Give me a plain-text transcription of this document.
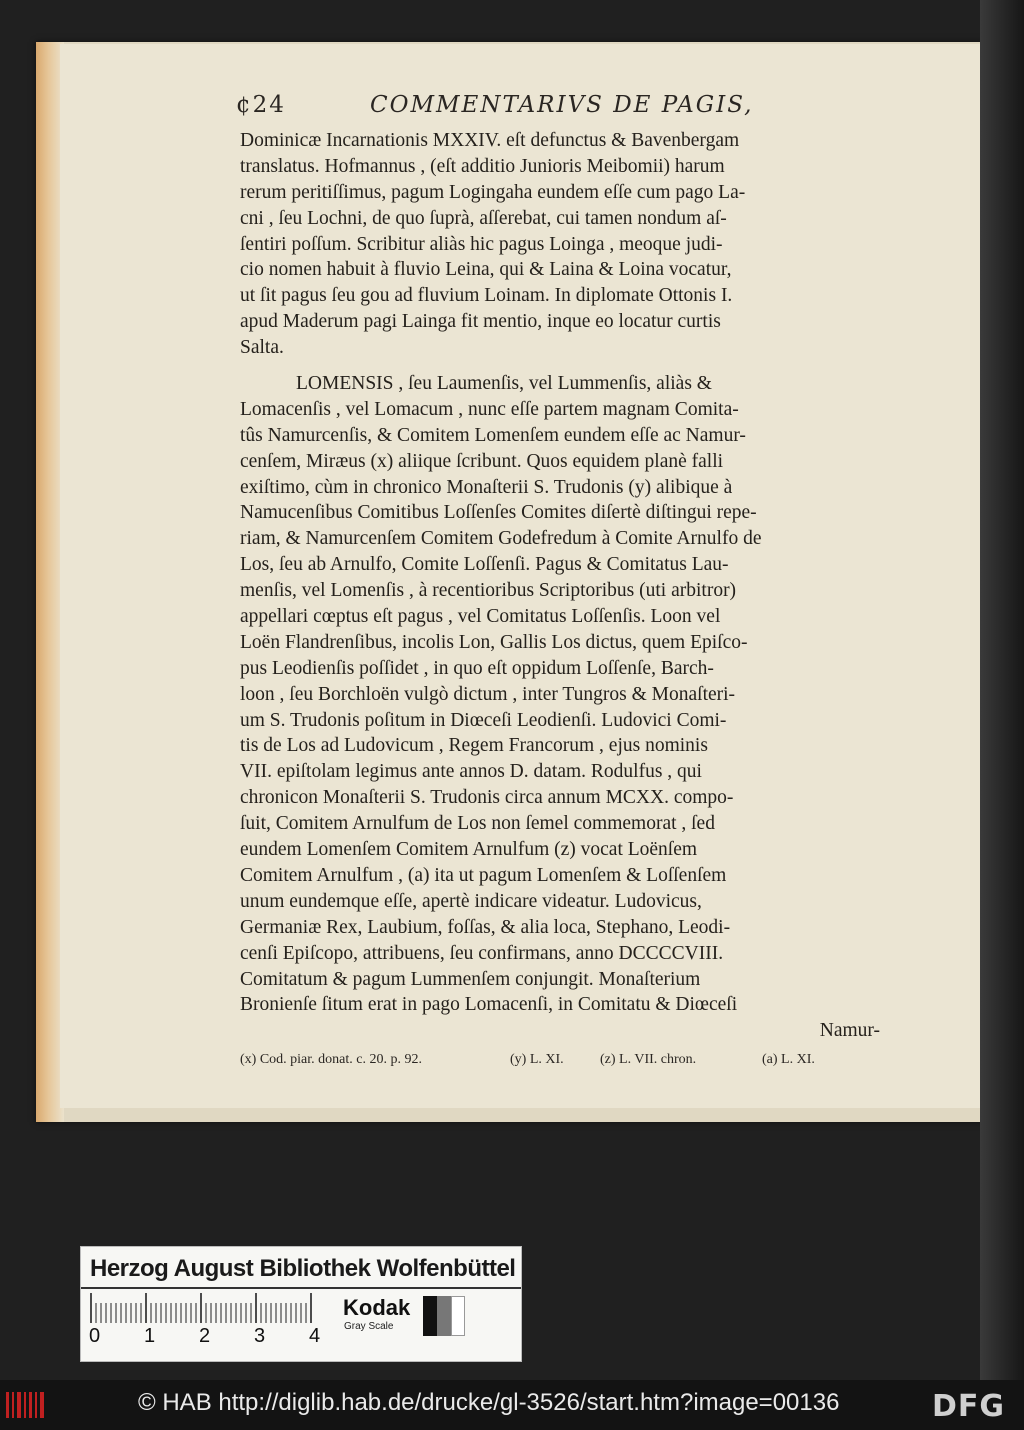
¢24	COMMENTARIVS DE PAGIS,
Dominicæ Incarnationis MXXIV. eſt defunctus & Bavenbergam
translatus. Hofmannus , (eſt additio Junioris Meibomii) harum
rerum peritiſſimus, pagum Logingaha eundem eſſe cum pago La-
cni , ſeu Lochni, de quo ſuprà, aſſerebat, cui tamen nondum aſ-
ſentiri poſſum. Scribitur aliàs hic pagus Loinga , meoque judi-
cio nomen habuit à fluvio Leina, qui & Laina & Loina vocatur,
ut ſit pagus ſeu gou ad fluvium Loinam. In diplomate Ottonis I.
apud Maderum pagi Lainga fit mentio, inque eo locatur curtis
Salta.
LOMENSIS , ſeu Laumenſis, vel Lummenſis, aliàs &
Lomacenſis , vel Lomacum , nunc eſſe partem magnam Comita-
tûs Namurcenſis, & Comitem Lomenſem eundem eſſe ac Namur-
cenſem, Miræus (x) aliique ſcribunt. Quos equidem planè falli
exiſtimo, cùm in chronico Monaſterii S. Trudonis (y) alibique à
Namucenſibus Comitibus Loſſenſes Comites diſertè diſtingui repe-
riam, & Namurcenſem Comitem Godefredum à Comite Arnulfo de
Los, ſeu ab Arnulfo, Comite Loſſenſi. Pagus & Comitatus Lau-
menſis, vel Lomenſis , à recentioribus Scriptoribus (uti arbitror)
appellari cœptus eſt pagus , vel Comitatus Loſſenſis. Loon vel
Loën Flandrenſibus, incolis Lon, Gallis Los dictus, quem Epiſco-
pus Leodienſis poſſidet , in quo eſt oppidum Loſſenſe, Barch-
loon , ſeu Borchloën vulgò dictum , inter Tungros & Monaſteri-
um S. Trudonis poſitum in Diœceſi Leodienſi. Ludovici Comi-
tis de Los ad Ludovicum , Regem Francorum , ejus nominis
VII. epiſtolam legimus ante annos D. datam. Rodulfus , qui
chronicon Monaſterii S. Trudonis circa annum MCXX. compo-
ſuit, Comitem Arnulfum de Los non ſemel commemorat , ſed
eundem Lomenſem Comitem Arnulfum (z) vocat Loënſem
Comitem Arnulfum , (a) ita ut pagum Lomenſem & Loſſenſem
unum eundemque eſſe, apertè indicare videatur. Ludovicus,
Germaniæ Rex, Laubium, foſſas, & alia loca, Stephano, Leodi-
cenſi Epiſcopo, attribuens, ſeu confirmans, anno DCCCCVIII.
Comitatum & pagum Lummenſem conjungit. Monaſterium
Bronienſe ſitum erat in pago Lomacenſi, in Comitatu & Diœceſi
Namur-
(x) Cod. piar. donat. c. 20. p. 92.	(y) L. XI.	(z) L. VII. chron.	(a) L. XI.
Herzog August Bibliothek Wolfenbüttel
0 1 2 3 4
Kodak
Gray Scale
© HAB http://diglib.hab.de/drucke/gl-3526/start.htm?image=00136	DFG
